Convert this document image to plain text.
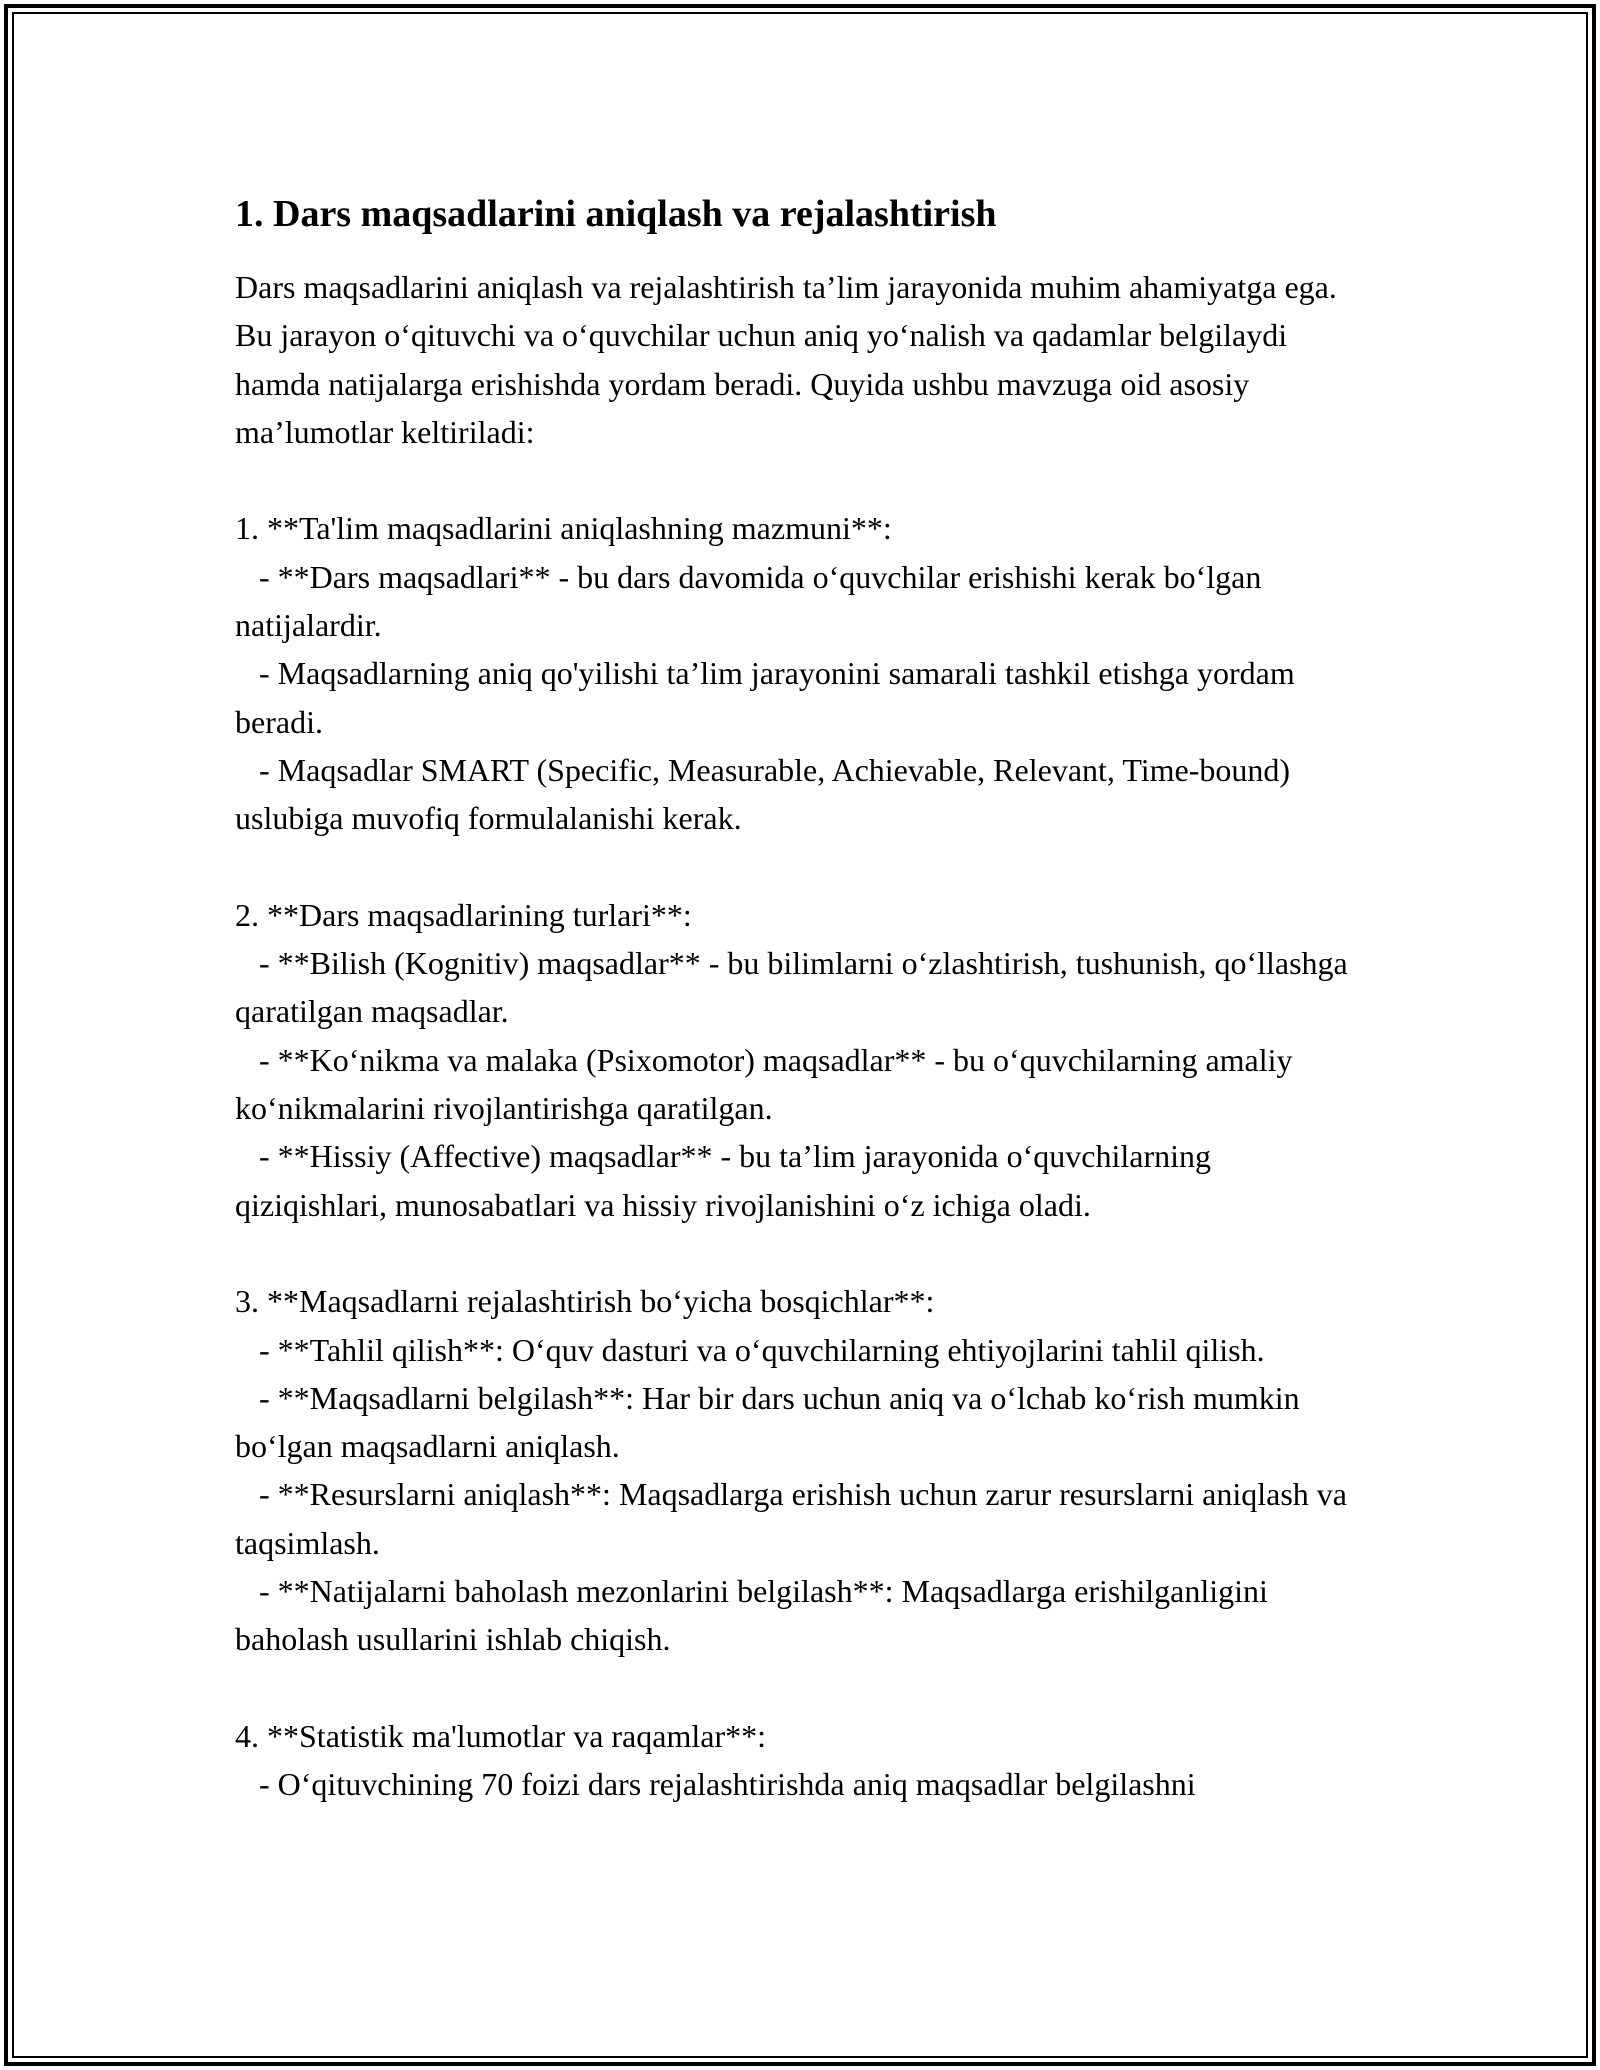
1. Dars maqsadlarini aniqlash va rejalashtirish

Dars maqsadlarini aniqlash va rejalashtirish ta’lim jarayonida muhim ahamiyatga ega. Bu jarayon o‘qituvchi va o‘quvchilar uchun aniq yo‘nalish va qadamlar belgilaydi hamda natijalarga erishishda yordam beradi. Quyida ushbu mavzuga oid asosiy ma’lumotlar keltiriladi:

1. **Ta'lim maqsadlarini aniqlashning mazmuni**:
- **Dars maqsadlari** - bu dars davomida o‘quvchilar erishishi kerak bo‘lgan natijalardir.
- Maqsadlarning aniq qo'yilishi ta’lim jarayonini samarali tashkil etishga yordam beradi.
- Maqsadlar SMART (Specific, Measurable, Achievable, Relevant, Time-bound) uslubiga muvofiq formulalanishi kerak.

2. **Dars maqsadlarining turlari**:
- **Bilish (Kognitiv) maqsadlar** - bu bilimlarni o‘zlashtirish, tushunish, qo‘llashga qaratilgan maqsadlar.
- **Ko‘nikma va malaka (Psixomotor) maqsadlar** - bu o‘quvchilarning amaliy ko‘nikmalarini rivojlantirishga qaratilgan.
- **Hissiy (Affective) maqsadlar** - bu ta’lim jarayonida o‘quvchilarning qiziqishlari, munosabatlari va hissiy rivojlanishini o‘z ichiga oladi.

3. **Maqsadlarni rejalashtirish bo‘yicha bosqichlar**:
- **Tahlil qilish**: O‘quv dasturi va o‘quvchilarning ehtiyojlarini tahlil qilish.
- **Maqsadlarni belgilash**: Har bir dars uchun aniq va o‘lchab ko‘rish mumkin bo‘lgan maqsadlarni aniqlash.
- **Resurslarni aniqlash**: Maqsadlarga erishish uchun zarur resurslarni aniqlash va taqsimlash.
- **Natijalarni baholash mezonlarini belgilash**: Maqsadlarga erishilganligini baholash usullarini ishlab chiqish.

4. **Statistik ma'lumotlar va raqamlar**:
- O‘qituvchining 70 foizi dars rejalashtirishda aniq maqsadlar belgilashni
